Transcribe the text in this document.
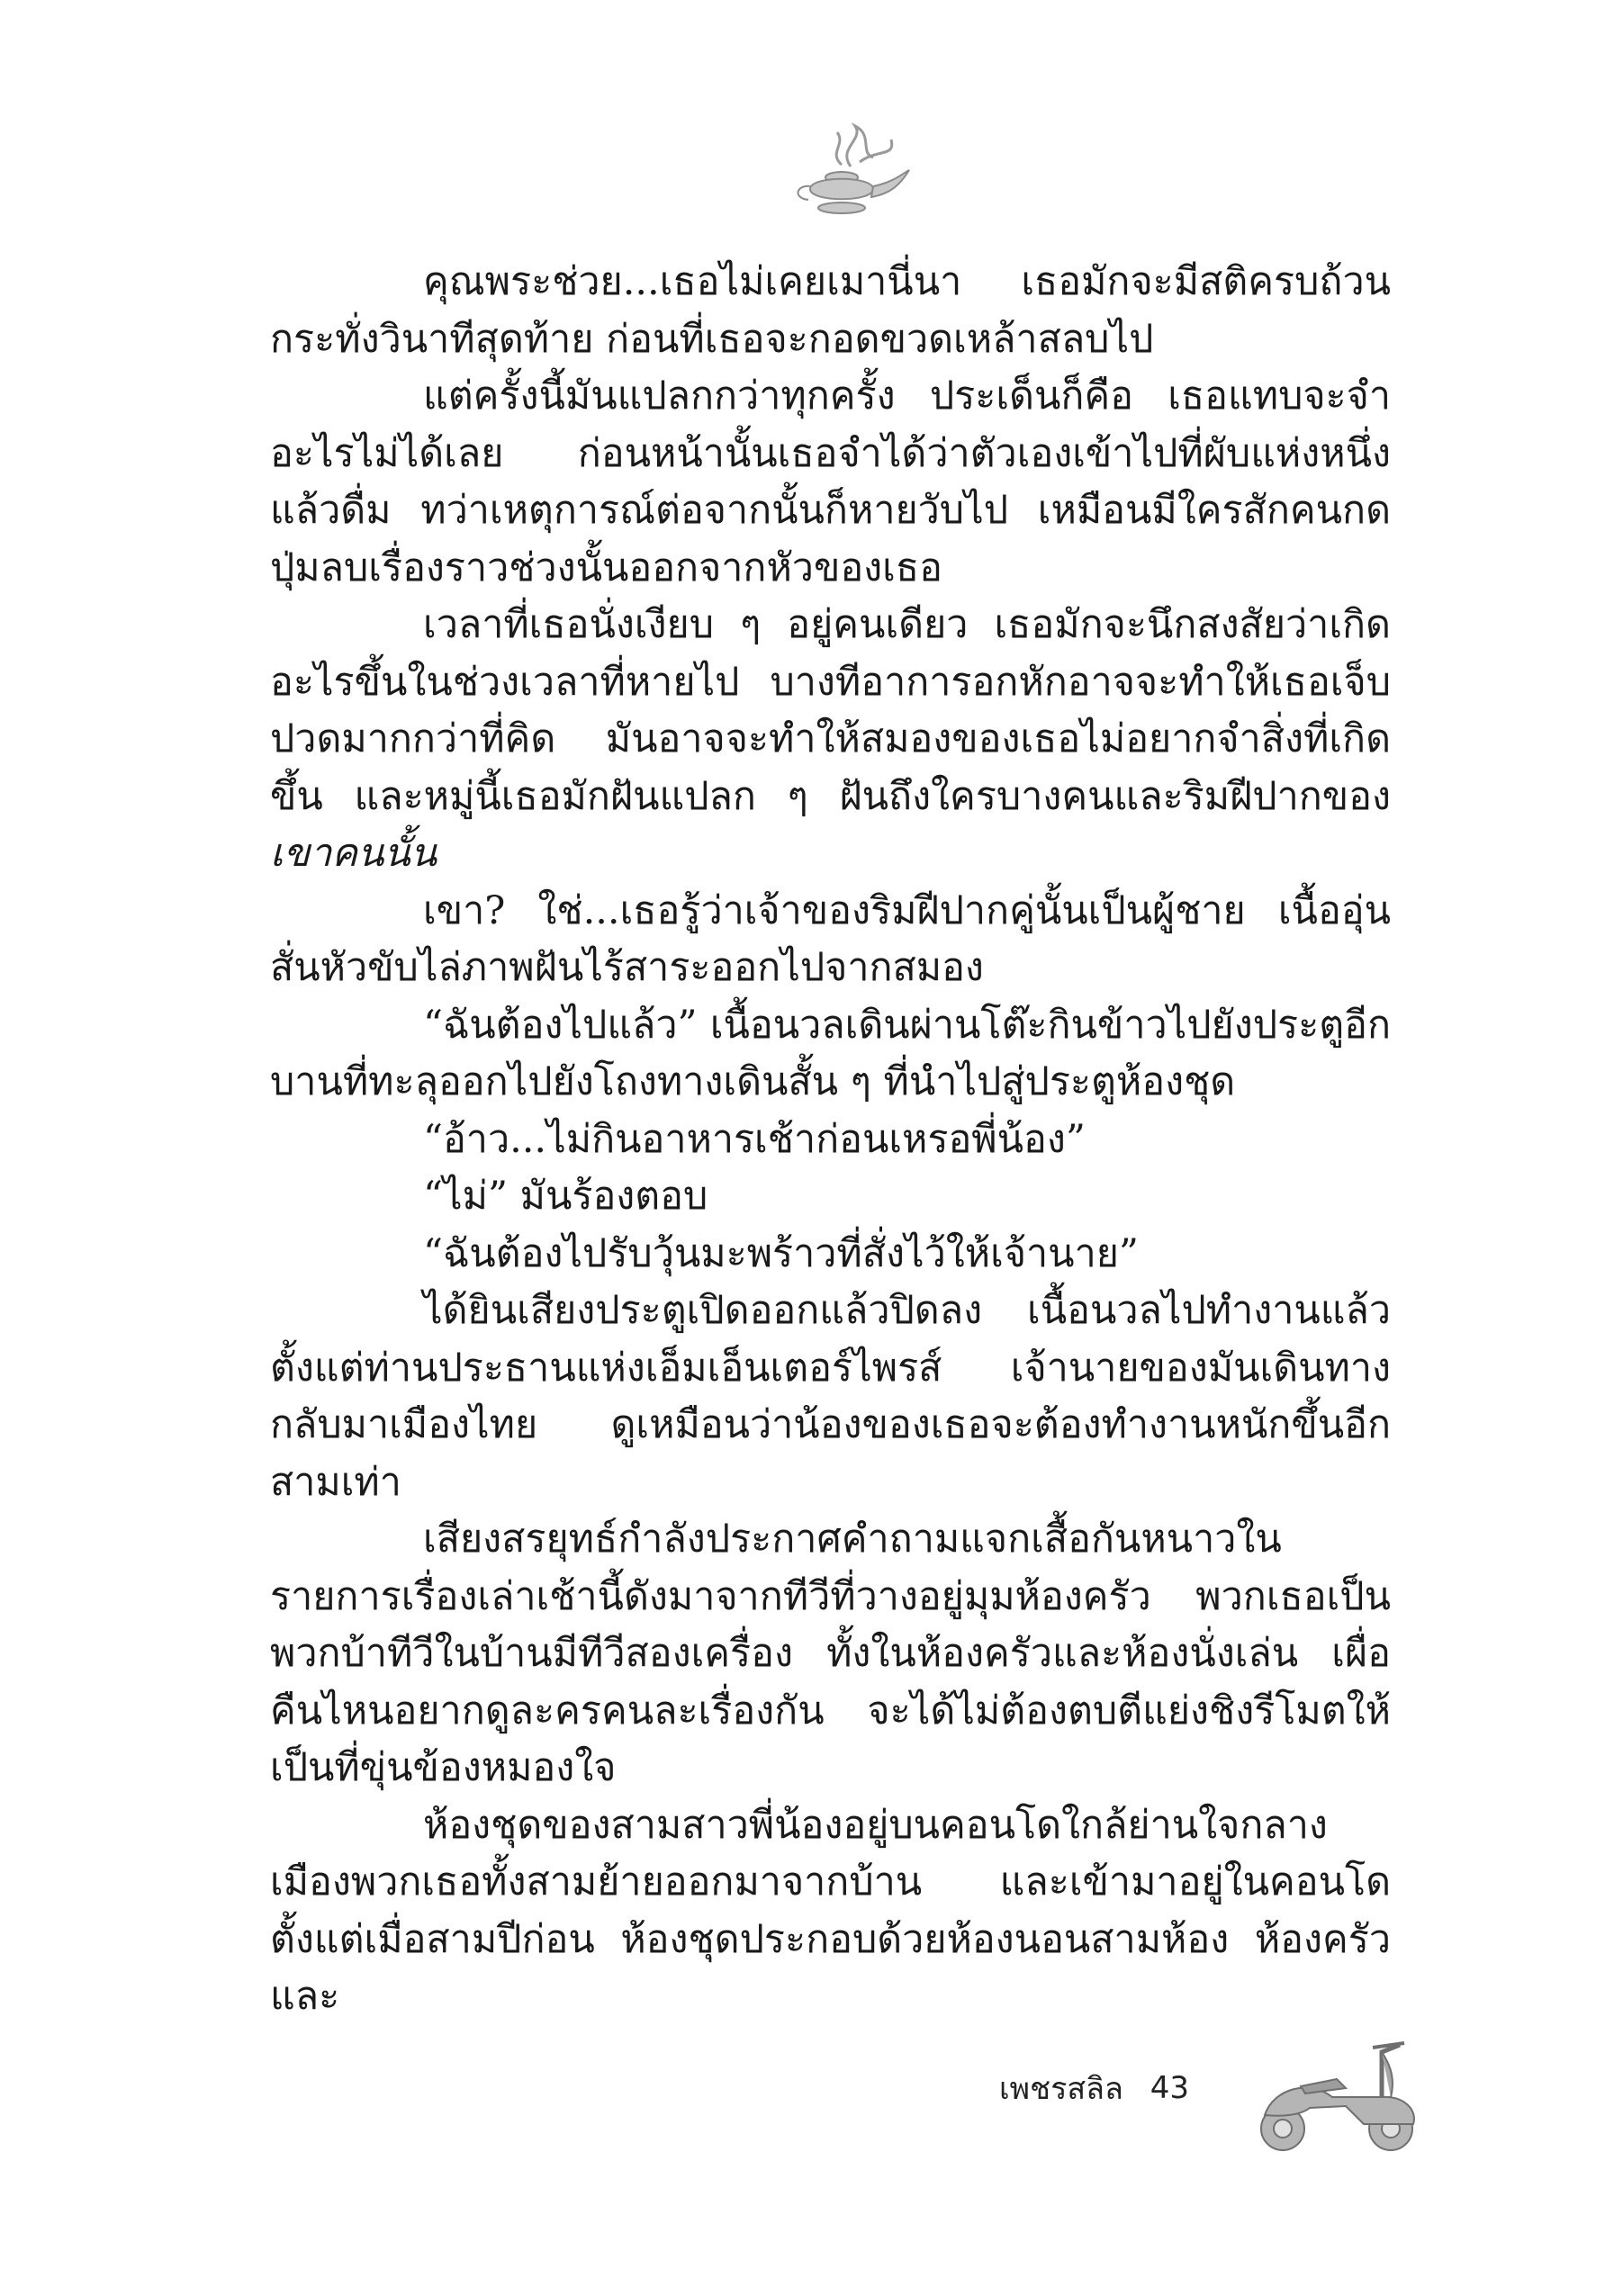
คุณพระช่วย...เธอไม่เคยเมานี่นา เธอมักจะมีสติครบถ้วนกระทั่งวินาทีสุดท้าย ก่อนที่เธอจะกอดขวดเหล้าสลบไป

แต่ครั้งนี้มันแปลกกว่าทุกครั้ง ประเด็นก็คือ เธอแทบจะจำอะไรไม่ได้เลย ก่อนหน้านั้นเธอจำได้ว่าตัวเองเข้าไปที่ผับแห่งหนึ่งแล้วดื่ม ทว่าเหตุการณ์ต่อจากนั้นก็หายวับไป เหมือนมีใครสักคนกดปุ่มลบเรื่องราวช่วงนั้นออกจากหัวของเธอ

เวลาที่เธอนั่งเงียบ ๆ อยู่คนเดียว เธอมักจะนึกสงสัยว่าเกิดอะไรขึ้นในช่วงเวลาที่หายไป บางทีอาการอกหักอาจจะทำให้เธอเจ็บปวดมากกว่าที่คิด มันอาจจะทำให้สมองของเธอไม่อยากจำสิ่งที่เกิดขึ้น และหมู่นี้เธอมักฝันแปลก ๆ ฝันถึงใครบางคนและริมฝีปากของเขาคนนั้น

เขา? ใช่...เธอรู้ว่าเจ้าของริมฝีปากคู่นั้นเป็นผู้ชาย เนื้ออุ่นสั่นหัวขับไล่ภาพฝันไร้สาระออกไปจากสมอง

“ฉันต้องไปแล้ว” เนื้อนวลเดินผ่านโต๊ะกินข้าวไปยังประตูอีกบานที่ทะลุออกไปยังโถงทางเดินสั้น ๆ ที่นำไปสู่ประตูห้องชุด

“อ้าว...ไม่กินอาหารเช้าก่อนเหรอพี่น้อง”

“ไม่” มันร้องตอบ

“ฉันต้องไปรับวุ้นมะพร้าวที่สั่งไว้ให้เจ้านาย”

ได้ยินเสียงประตูเปิดออกแล้วปิดลง เนื้อนวลไปทำงานแล้วตั้งแต่ท่านประธานแห่งเอ็มเอ็นเตอร์ไพรส์ เจ้านายของมันเดินทางกลับมาเมืองไทย ดูเหมือนว่าน้องของเธอจะต้องทำงานหนักขึ้นอีกสามเท่า

เสียงสรยุทธ์กำลังประกาศคำถามแจกเสื้อกันหนาวในรายการเรื่องเล่าเช้านี้ดังมาจากทีวีที่วางอยู่มุมห้องครัว พวกเธอเป็นพวกบ้าทีวีในบ้านมีทีวีสองเครื่อง ทั้งในห้องครัวและห้องนั่งเล่น เผื่อคืนไหนอยากดูละครคนละเรื่องกัน จะได้ไม่ต้องตบตีแย่งชิงรีโมตให้เป็นที่ขุ่นข้องหมองใจ

ห้องชุดของสามสาวพี่น้องอยู่บนคอนโดใกล้ย่านใจกลางเมืองพวกเธอทั้งสามย้ายออกมาจากบ้าน และเข้ามาอยู่ในคอนโดตั้งแต่เมื่อสามปีก่อน ห้องชุดประกอบด้วยห้องนอนสามห้อง ห้องครัว และ

เพชรสลิล 43
